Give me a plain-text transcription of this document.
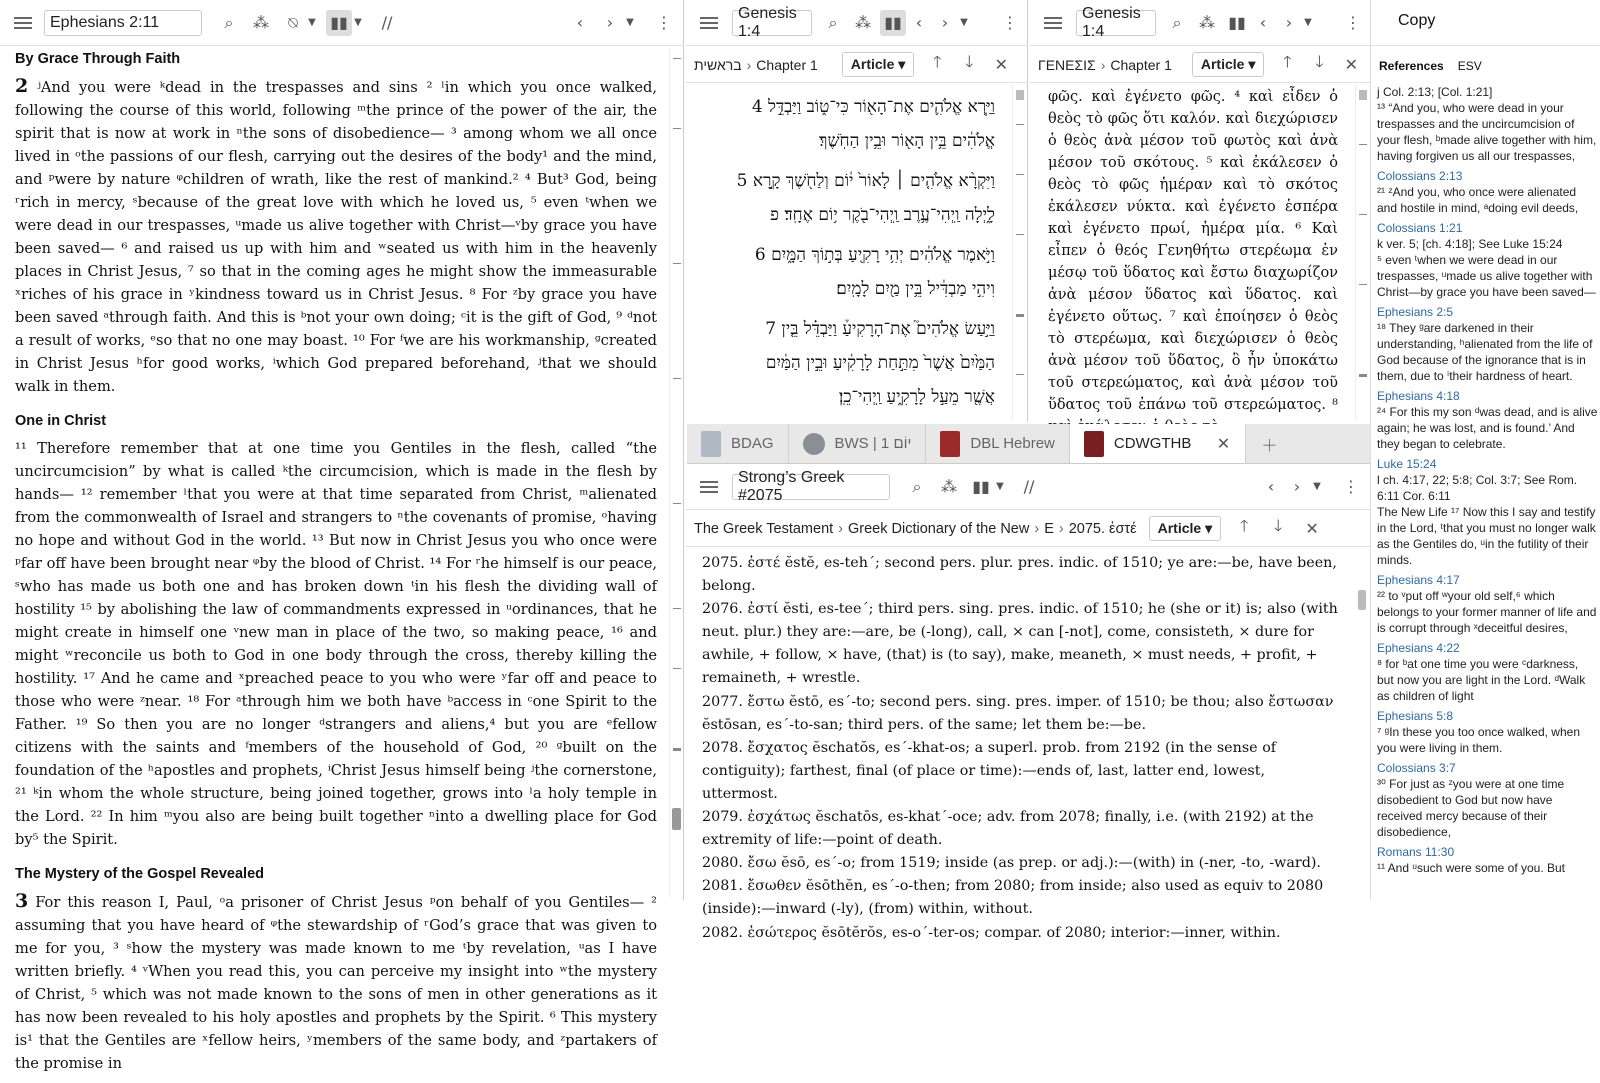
Ephesians 2:11	⌕	⁂	⍉	▼ ▮▮ ▼	//	‹	›	▼	⋮
By Grace Through Faith
2 ʲAnd you were ᵏdead in the trespasses and sins ² ˡin which you once walked, following the course of this world, following ᵐthe prince of the power of the air, the spirit that is now at work in ⁿthe sons of disobedience— ³ among whom we all once lived in ᵒthe passions of our flesh, carrying out the desires of the body¹ and the mind, and ᵖwere by nature ᵠchildren of wrath, like the rest of mankind.² ⁴ But³ God, being ʳrich in mercy, ˢbecause of the great love with which he loved us, ⁵ even ᵗwhen we were dead in our trespasses, ᵘmade us alive together with Christ—ᵛby grace you have been saved— ⁶ and raised us up with him and ʷseated us with him in the heavenly places in Christ Jesus, ⁷ so that in the coming ages he might show the immeasurable ˣriches of his grace in ʸkindness toward us in Christ Jesus. ⁸ For ᶻby grace you have been saved ᵃthrough faith. And this is ᵇnot your own doing; ᶜit is the gift of God, ⁹ ᵈnot a result of works, ᵉso that no one may boast. ¹⁰ For ᶠwe are his workmanship, ᵍcreated in Christ Jesus ʰfor good works, ⁱwhich God prepared beforehand, ʲthat we should walk in them.
One in Christ
¹¹ Therefore remember that at one time you Gentiles in the flesh, called “the uncircumcision” by what is called ᵏthe circumcision, which is made in the flesh by hands— ¹² remember ˡthat you were at that time separated from Christ, ᵐalienated from the commonwealth of Israel and strangers to ⁿthe covenants of promise, ᵒhaving no hope and without God in the world. ¹³ But now in Christ Jesus you who once were ᵖfar off have been brought near ᵠby the blood of Christ. ¹⁴ For ʳhe himself is our peace, ˢwho has made us both one and has broken down ᵗin his flesh the dividing wall of hostility ¹⁵ by abolishing the law of commandments expressed in ᵘordinances, that he might create in himself one ᵛnew man in place of the two, so making peace, ¹⁶ and might ʷreconcile us both to God in one body through the cross, thereby killing the hostility. ¹⁷ And he came and ˣpreached peace to you who were ʸfar off and peace to those who were ᶻnear. ¹⁸ For ᵃthrough him we both have ᵇaccess in ᶜone Spirit to the Father. ¹⁹ So then you are no longer ᵈstrangers and aliens,⁴ but you are ᵉfellow citizens with the saints and ᶠmembers of the household of God, ²⁰ ᵍbuilt on the foundation of the ʰapostles and prophets, ⁱChrist Jesus himself being ʲthe cornerstone, ²¹ ᵏin whom the whole structure, being joined together, grows into ˡa holy temple in the Lord. ²² In him ᵐyou also are being built together ⁿinto a dwelling place for God by⁵ the Spirit.
The Mystery of the Gospel Revealed
3 For this reason I, Paul, ᵒa prisoner of Christ Jesus ᵖon behalf of you Gentiles— ² assuming that you have heard of ᵠthe stewardship of ʳGod’s grace that was given to me for you, ³ ˢhow the mystery was made known to me ᵗby revelation, ᵘas I have written briefly. ⁴ ᵛWhen you read this, you can perceive my insight into ʷthe mystery of Christ, ⁵ which was not made known to the sons of men in other generations as it has now been revealed to his holy apostles and prophets by the Spirit. ⁶ This mystery is¹ that the Gentiles are ˣfellow heirs, ʸmembers of the same body, and ᶻpartakers of the promise in
Genesis 1:4	⌕	⁂ ▮▮ ‹	›	▼	⋮
בראשית › Chapter 1	Article ▾	🡑	🡓	✕
וַיַּ֧רְא אֱלֹהִ֛ים אֶת־הָא֖וֹר כִּי־ט֑וֹב וַיַּבְדֵּ֣ל 4
אֱלֹהִ֔ים בֵּ֥ין הָא֖וֹר וּבֵ֥ין הַחֹֽשֶׁךְ׃
וַיִּקְרָ֨א אֱלֹהִ֤ים ׀ לָאוֹר֙ י֔וֹם וְלַחֹ֖שֶׁךְ קָ֣רָא 5
לָ֑יְלָה וַֽיְהִי־עֶ֥רֶב וַֽיְהִי־בֹ֖קֶר י֥וֹם אֶחָֽד׃ פ
וַיֹּ֣אמֶר אֱלֹהִ֔ים יְהִ֥י רָקִ֖יעַ בְּת֣וֹךְ הַמָּ֑יִם 6
וִיהִ֣י מַבְדִּ֔יל בֵּ֥ין מַ֖יִם לָמָֽיִם׃
וַיַּ֣עַשׂ אֱלֹהִים֮ אֶת־הָרָקִיעַ֒ וַיַּבְדֵּ֗ל בֵּ֤ין 7
הַמַּ֙יִם֙ אֲשֶׁר֙ מִתַּ֣חַת לָרָקִ֔יעַ וּבֵ֣ין הַמַּ֔יִם
אֲשֶׁ֖ר מֵעַ֣ל לָרָקִ֑יעַ וַֽיְהִי־כֵֽן׃
Genesis 1:4	⌕	⁂ ▮▮ ‹	›	▼	⋮
ΓΕΝΕΣΙΣ › Chapter 1	Article ▾	🡑	🡓	✕
φῶς. καὶ ἐγένετο φῶς. ⁴ καὶ εἶδεν ὁ θεὸς τὸ φῶς ὅτι καλόν. καὶ διεχώρισεν ὁ θεὸς ἀνὰ μέσον τοῦ φωτὸς καὶ ἀνὰ μέσον τοῦ σκότους. ⁵ καὶ ἐκάλεσεν ὁ θεὸς τὸ φῶς ἡμέραν καὶ τὸ σκότος ἐκάλεσεν νύκτα. καὶ ἐγένετο ἑσπέρα καὶ ἐγένετο πρωί, ἡμέρα μία. ⁶ Καὶ εἶπεν ὁ θεός Γενηθήτω στερέωμα ἐν μέσῳ τοῦ ὕδατος καὶ ἔστω διαχωρίζον ἀνὰ μέσον ὕδατος καὶ ὕδατος. καὶ ἐγένετο οὕτως. ⁷ καὶ ἐποίησεν ὁ θεὸς τὸ στερέωμα, καὶ διεχώρισεν ὁ θεὸς ἀνὰ μέσον τοῦ ὕδατος, ὃ ἦν ὑποκάτω τοῦ στερεώματος, καὶ ἀνὰ μέσον τοῦ ὕδατος τοῦ ἐπάνω τοῦ στερεώματος. ⁸
BDAG	BWS | 1 יוֹם	DBL Hebrew	CDWGTHB ✕	＋
Strong’s Greek #2075	⌕	⁂ ▮▮ ▼	//	‹	›	▼	⋮
The Greek Testament › Greek Dictionary of the New › E › 2075. ἐστέ	Article ▾	🡑	🡓	✕
2075. ἐστέ ĕstĕ, es-teh´; second pers. plur. pres. indic. of 1510; ye are:—be, have been, belong.
2076. ἐστί ĕsti, es-tee´; third pers. sing. pres. indic. of 1510; he (she or it) is; also (with neut. plur.) they are:—are, be (-long), call, × can [-not], come, consisteth, × dure for awhile, + follow, × have, (that) is (to say), make, meaneth, × must needs, + profit, + remaineth, + wrestle.
2077. ἔστω ĕstō, es´-to; second pers. sing. pres. imper. of 1510; be thou; also ἔστωσαν ĕstōsan, es´-to-san; third pers. of the same; let them be:—be.
2078. ἔσχατος ĕschatŏs, es´-khat-os; a superl. prob. from 2192 (in the sense of contiguity); farthest, final (of place or time):—ends of, last, latter end, lowest, uttermost.
2079. ἐσχάτως ĕschatōs, es-khat´-oce; adv. from 2078; finally, i.e. (with 2192) at the extremity of life:—point of death.
2080. ἔσω ĕsō, es´-o; from 1519; inside (as prep. or adj.):—(with) in (-ner, -to, -ward).
2081. ἔσωθεν ĕsōthĕn, es´-o-then; from 2080; from inside; also used as equiv to 2080 (inside):—inward (-ly), (from) within, without.
2082. ἐσώτερος ĕsōtĕrŏs, es-o´-ter-os; compar. of 2080; interior:—inner, within.
Copy
References ESV
j Col. 2:13; [Col. 1:21]
¹³ “And you, who were dead in your trespasses and the uncircumcision of your flesh, ᵇmade alive together with him, having forgiven us all our trespasses,
Colossians 2:13
²¹ ᶻAnd you, who once were alienated and hostile in mind, ᵃdoing evil deeds,
Colossians 1:21
k ver. 5; [ch. 4:18]; See Luke 15:24
⁵ even ᵗwhen we were dead in our trespasses, ᵘmade us alive together with Christ—by grace you have been saved—
Ephesians 2:5
¹⁸ They ᵍare darkened in their understanding, ʰalienated from the life of God because of the ignorance that is in them, due to ⁱtheir hardness of heart.
Ephesians 4:18
²⁴ For this my son ᵈwas dead, and is alive again; he was lost, and is found.’ And they began to celebrate.
Luke 15:24
l ch. 4:17, 22; 5:8; Col. 3:7; See Rom. 6:11 Cor. 6:11
The New Life ¹⁷ Now this I say and testify in the Lord, ᵗthat you must no longer walk as the Gentiles do, ᵘin the futility of their minds.
Ephesians 4:17
²² to ᵛput off ʷyour old self,⁶ which belongs to your former manner of life and is corrupt through ˣdeceitful desires,
Ephesians 4:22
⁸ for ᵇat one time you were ᶜdarkness, but now you are light in the Lord. ᵈWalk as children of light
Ephesians 5:8
⁷ ᵍIn these you too once walked, when you were living in them.
Colossians 3:7
³⁰ For just as ᶻyou were at one time disobedient to God but now have received mercy because of their disobedience,
Romans 11:30
¹¹ And ᵘsuch were some of you. But
